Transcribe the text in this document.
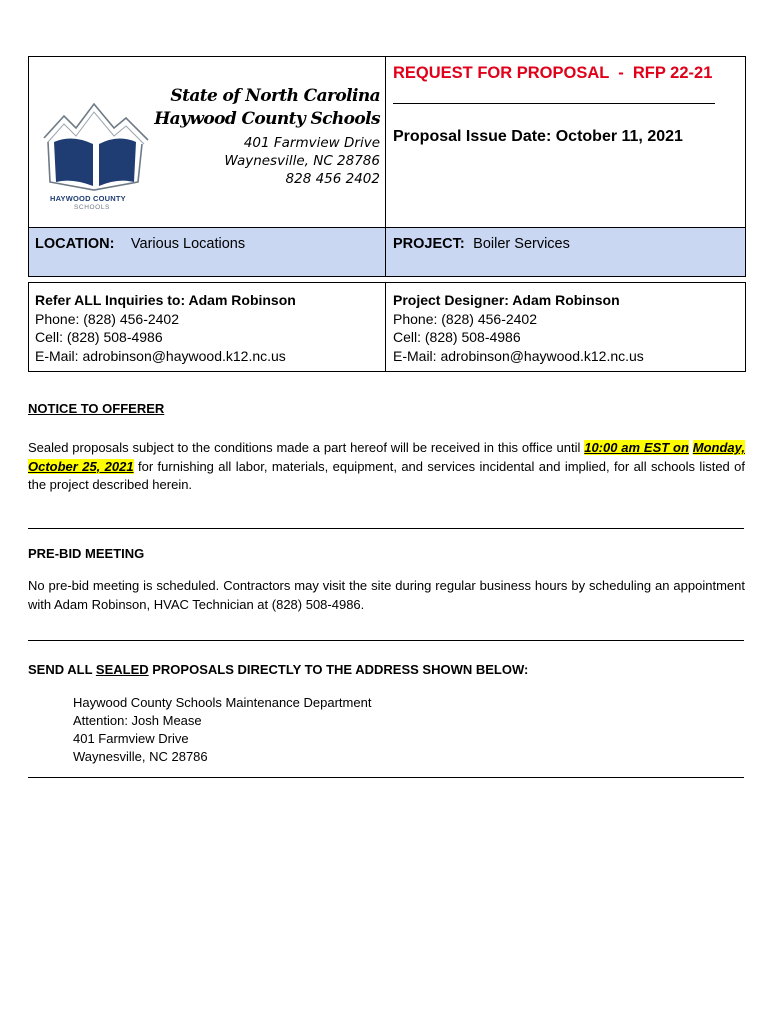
HAYWOOD COUNTY
SCHOOLS
State of North Carolina
Haywood County Schools
401 Farmview Drive
Waynesville, NC 28786
828 456 2402
REQUEST FOR PROPOSAL  -  RFP 22-21
Proposal Issue Date: October 11, 2021
LOCATION: Various Locations	PROJECT: Boiler Services
Refer ALL Inquiries to: Adam Robinson
Phone: (828) 456-2402
Cell: (828) 508-4986
E-Mail: adrobinson@haywood.k12.nc.us
Project Designer: Adam Robinson
Phone: (828) 456-2402
Cell: (828) 508-4986
E-Mail: adrobinson@haywood.k12.nc.us
NOTICE TO OFFERER
Sealed proposals subject to the conditions made a part hereof will be received in this office until 10:00 am EST on Monday, October 25, 2021 for furnishing all labor, materials, equipment, and services incidental and implied, for all schools listed of the project described herein.
PRE-BID MEETING
No pre-bid meeting is scheduled. Contractors may visit the site during regular business hours by scheduling an appointment with Adam Robinson, HVAC Technician at (828) 508-4986.
SEND ALL SEALED PROPOSALS DIRECTLY TO THE ADDRESS SHOWN BELOW:
Haywood County Schools Maintenance Department
Attention: Josh Mease
401 Farmview Drive
Waynesville, NC 28786
